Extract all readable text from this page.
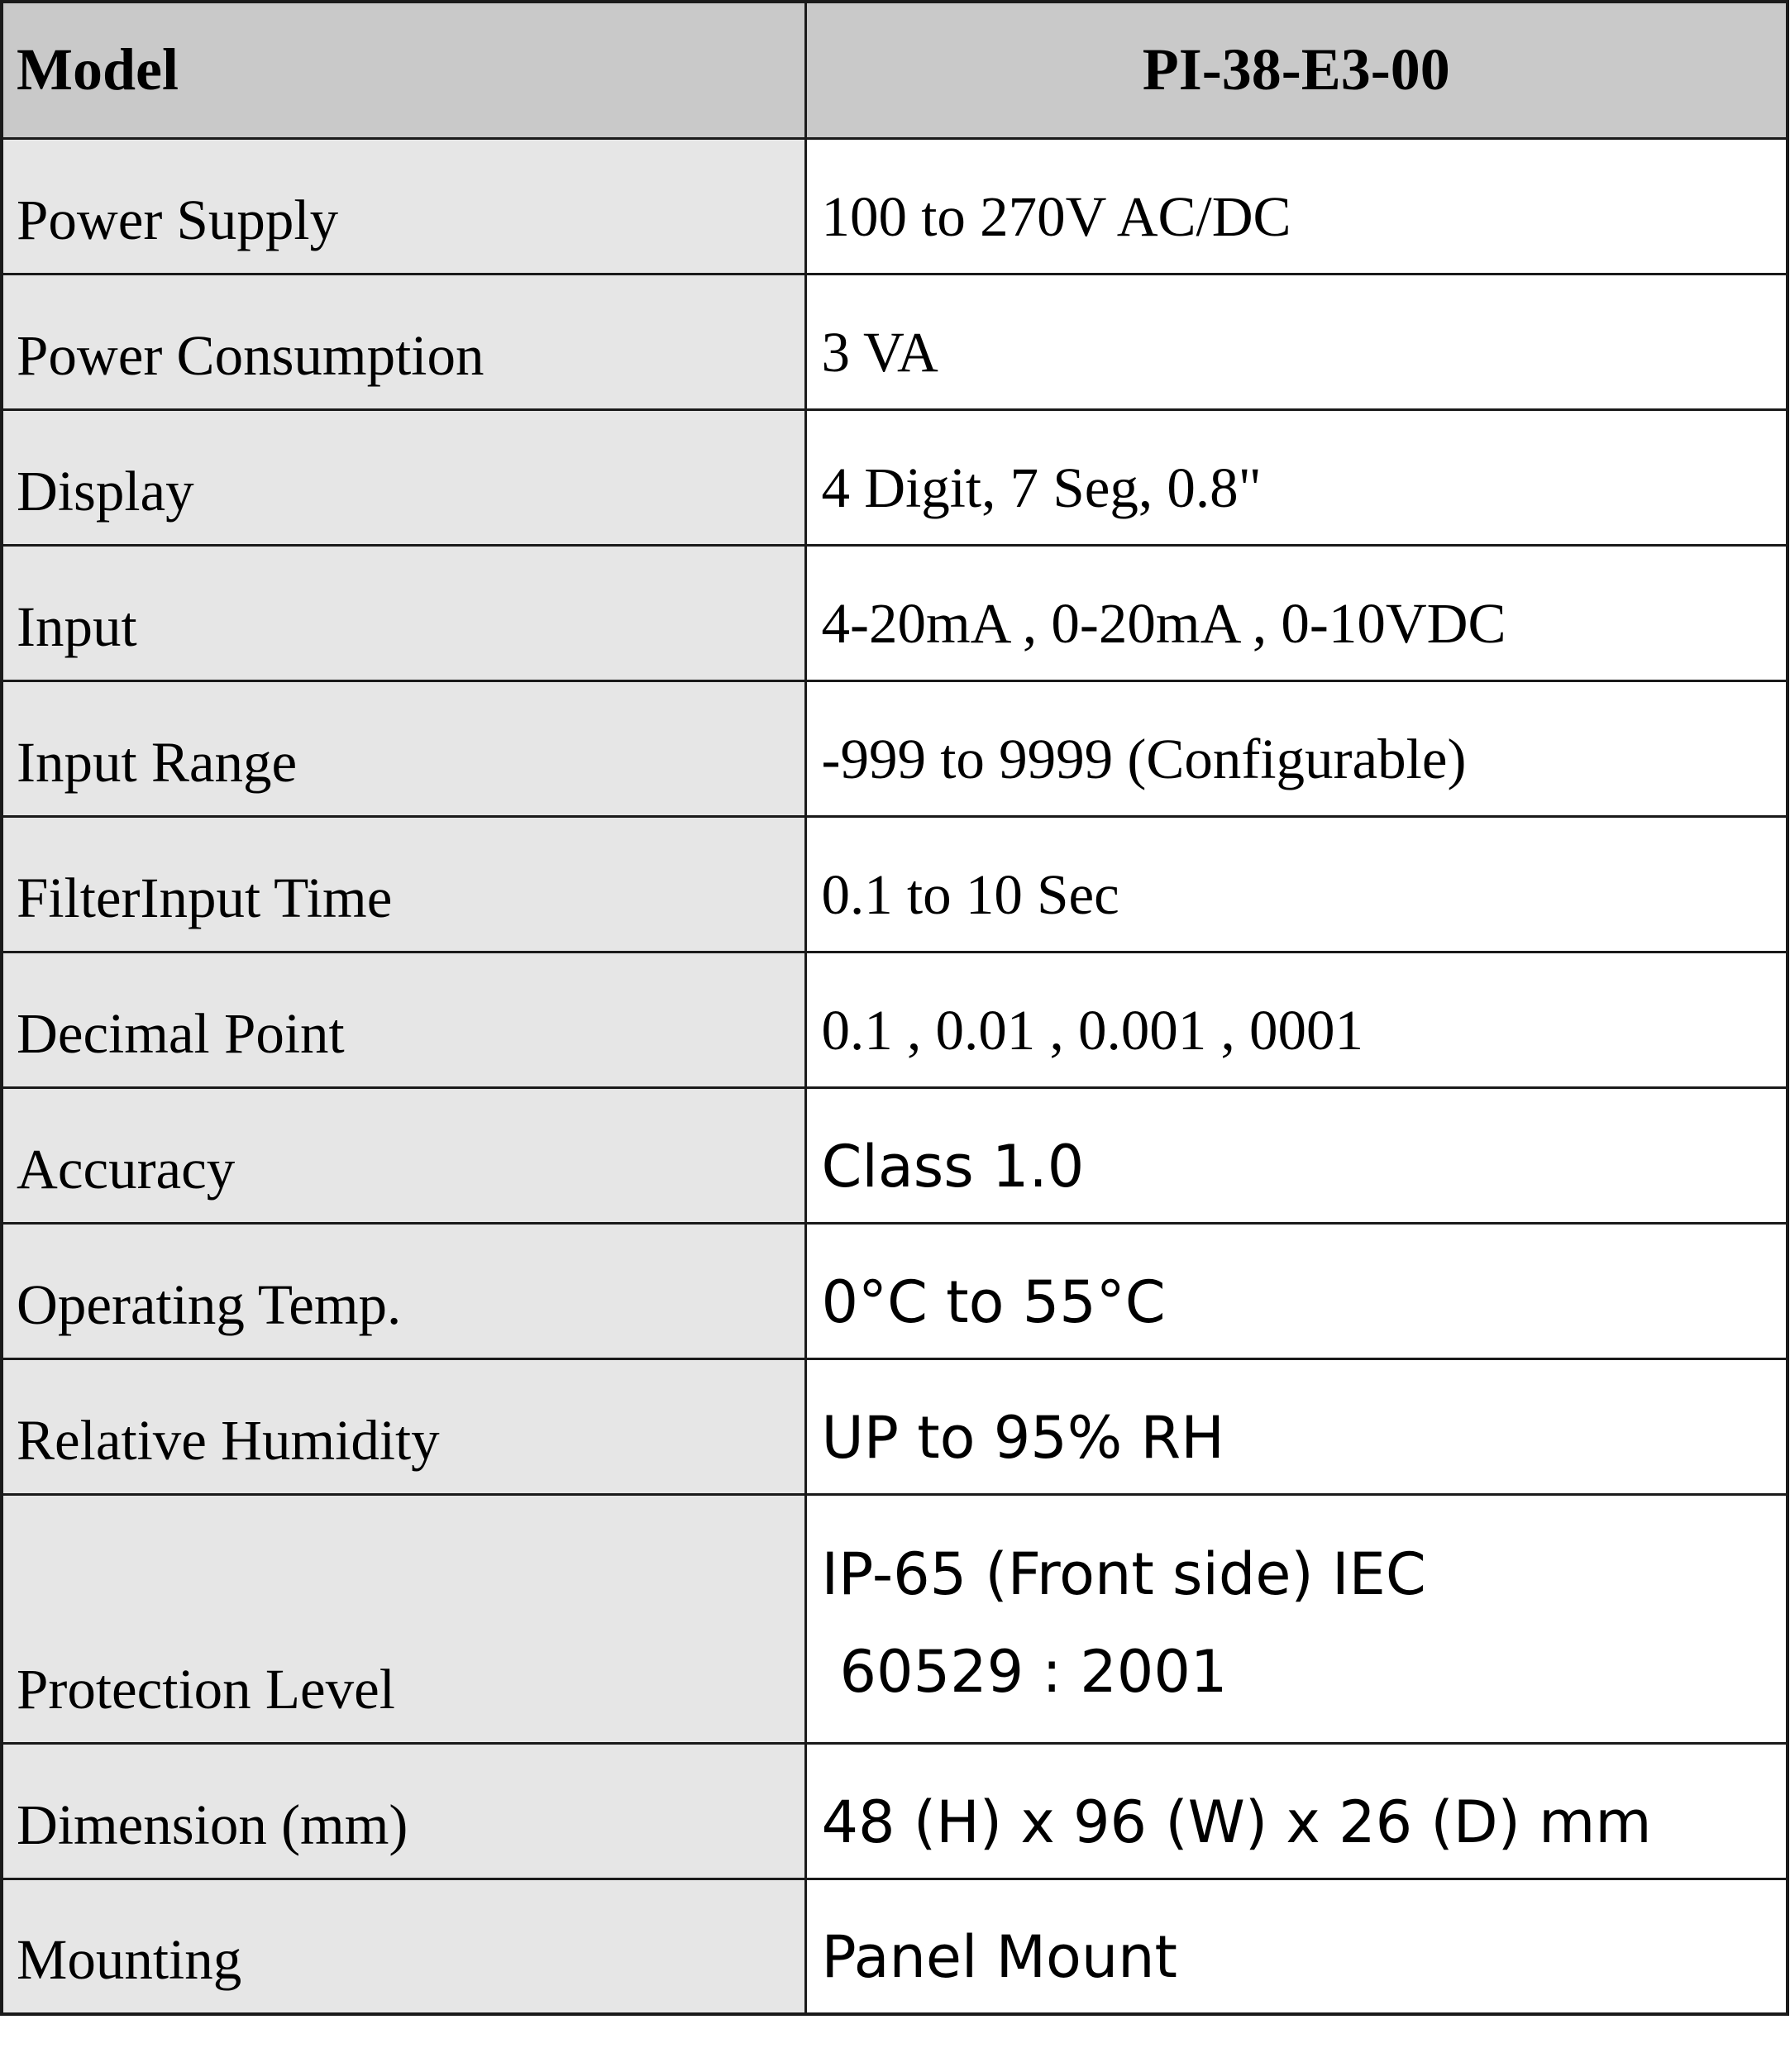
Model	PI-38-E3-00
Power Supply	100 to 270V AC/DC
Power Consumption	3 VA
Display	4 Digit, 7 Seg, 0.8"
Input	4-20mA , 0-20mA , 0-10VDC
Input Range	-999 to 9999 (Configurable)
FilterInput Time	0.1 to 10 Sec
Decimal Point	0.1 , 0.01 , 0.001 , 0001
Accuracy	Class 1.0
Operating Temp.	0°C to 55°C
Relative Humidity	UP to 95% RH
Protection Level	IP-65 (Front side) IEC
60529 : 2001

Dimension (mm)	48 (H) x 96 (W) x 26 (D) mm
Mounting	Panel Mount
